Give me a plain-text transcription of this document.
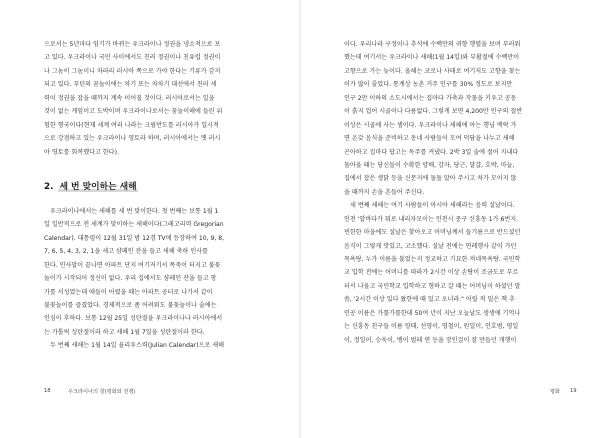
으로서는 5년마다 임기가 바뀌는 우크라이나 정권을 냉소적으로 보
고 있다. 우크라이나 국민 사이에서도 친러 정권이나 친유럽 정권이
나 그놈이 그놈이니 차라리 러시아 쪽으로 가야 한다는 기류가 감지
되고 있다. 푸틴의 꿈놀이에는 차기 또는 차차기 대선에서 친러 세
력이 정권을 잡을 때까지 계속 이어질 것이다. 러시아로서는 일을
것이 없는 게임이고 도박이며 우크라이나로서는 꿈놀이해에 들린 위
험한 형국이다(현재 세계 여러 나라는 크림반도를 러시아가 일시적
으로 강점하고 있는 우크라이나 영토라 하며, 러시아에서는 옛 러시
아 영토를 회복했다고 한다).
2. 세 번 맞이하는 새해
우크라이나에서는 새해를 세 번 맞이한다. 첫 번째는 보통 1월 1
일 일반적으로 전 세계가 맞이하는 새해이다(그레고리력 Gregorian
Calendar). 대통령이 12월 31일 밤 12경 TV에 등장하여 10, 9, 8,
7, 6, 5, 4, 3, 2, 1을 세고 샴페인 잔을 들고 새해 축하 인사를
한다. 인사말이 끝나면 아파트 단지 여기저기서 폭죽이 터지고 불꽃
놀이가 시작되어 정신이 없다. 우리 집에서도 샴페인 잔을 들고 창
가를 서성였는데 애들이 어렸을 때는 아파트 공터로 나가서 같이
불꽃놀이를 즐겼었다. 경제적으로 좀 어려워도 불꽃놀이나 술에는
인심이 후하다. 보통 12월 25일 성탄절을 우크라이나나 러시아에서
는 가톨릭 성탄절이라 하고 새해 1월 7일을 성탄절이라 한다.
두 번째 새해는 1월 14일 율리우스력(Julian Calendar)으로 새해
18	우크라이나의 창(평화와 전쟁)
이다. 우리나라 구정이나 추석에 수백만의 귀향 행렬을 보며 부러워
했는데 여기서는 우크라이나 새해(1월 14일)와 부활절에 수백만이
고향으로 가는 늦이다. 올해는 코로나 사태로 여기저도 고향을 찾는
이가 많이 줄었다. 통계상 농촌 거주 인구를 30% 정도로 보지만
인구 2만 이하의 소도시에서는 집마다 가축과 작물을 키우고 공동
이 흙지 업어 시골이나 다름없다. 그렇게 보면 4,200만 인구의 절반
이상은 시골에 사는 셈이다. 우크라이나 새해에 아는 행님 맥락 가
면 온갖 음식을 준비하고 동네 사람들이 모여 덕담을 나누고 새해
곤아하고 집마다 답고는 독주를 켜냈다. 2박 3일 술에 절어 지내다
돌아올 때는 당신들이 수확한 양배, 감자, 당근, 달걀, 호박, 마늘,
집에서 잡은 생닭 등을 신문지에 돌돌 말아 주시고 차가 모이지 않
을 때까지 손을 흔들어 주신다.
세 번째 새해는 여기 사람들이 아시아 새해라는 음력 설날이다.
인천 '알바다가 뭐로 내리자모이는 인천시 중구 신흥동 1가 6번지.
빈한한 마을에도 설날은 찾아오고 어머님께서 들기름으로 반드셨던
음식이 그렇게 맛있고, 고소했다. 설날 전에는 연례행사 같이 가던
목욕탕, 누가 이름을 불었는지 정교하고 기묘한 져네목욕탕. 국민학
교 입학 전에는 어머니를 따라가 2시간 이상 손탕이 조금도로 부르
터서 나올고 국민학교 입학하고 형하고 갈 때는 어머님이 하셨던 말
씀, '2시간 이상 있다 왔한에 때 밀고 오너라." 어릴 적 밀은 책 추
인공 이름은 가룰가룰한데 50여 년이 지난 오늘날도 생생에 기억나
는 신흥동 친구들 이름 양태, 선영이, 영철이, 원일이, 인호범, 영일
이, 정일이, 승욱이, 뱅이 벌레 연 등을 장인걸이 잘 만들던 개행이
평화 19
